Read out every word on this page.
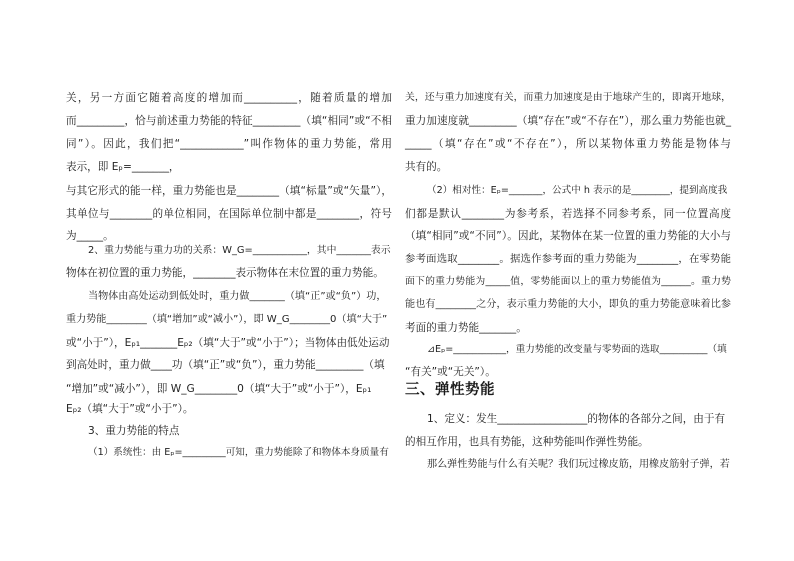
关，另一方面它随着高度的增加而__________，随着质量的增加
而_________，恰与前述重力势能的特征_________（填“相同”或“不相
同”）。因此，我们把“____________”叫作物体的重力势能，常用
表示，即 Eₚ=_______，
与其它形式的能一样，重力势能也是________（填“标量”或“矢量”），
其单位与________的单位相同，在国际单位制中都是________，符号
为_____。
2、重力势能与重力功的关系：W_G=___________，其中_______表示
物体在初位置的重力势能，________表示物体在末位置的重力势能。
当物体由高处运动到低处时，重力做_______（填“正”或“负”）功，
重力势能________（填“增加”或“减小”），即 W_G________0（填“大于”
或“小于”），Eₚ₁_______Eₚ₂（填“大于”或“小于”）；当物体由低处运动
到高处时，重力做____功（填“正”或“负”），重力势能_________（填
“增加”或“减小”），即 W_G________0（填“大于”或“小于”），Eₚ₁
Eₚ₂（填“大于”或“小于”）。
3、重力势能的特点
（1）系统性：由 Eₚ=_________可知，重力势能除了和物体本身质量有
关，还与重力加速度有关，而重力加速度是由于地球产生的，即离开地球，
重力加速度就_________（填“存在”或“不存在”），那么重力势能也就_
_____（填“存在”或“不存在”），所以某物体重力势能是物体与
共有的。
（2）相对性：Eₚ=_______，公式中 h 表示的是________，提到高度我
们都是默认________为参考系，若选择不同参考系，同一位置高度
（填“相同”或“不同”）。因此，某物体在某一位置的重力势能的大小与
参考面选取________。据选作参考面的重力势能为________，在零势能
面下的重力势能为_____值，零势能面以上的重力势能值为______。重力势
能也有________之分，表示重力势能的大小，即负的重力势能意味着比参
考面的重力势能_______。
⊿Eₚ=___________，重力势能的改变量与零势面的选取__________（填
“有关”或“无关”）。
三、弹性势能
1、定义：发生_________________的物体的各部分之间，由于有
的相互作用，也具有势能，这种势能叫作弹性势能。
那么弹性势能与什么有关呢？我们玩过橡皮筋，用橡皮筋射子弹，若
